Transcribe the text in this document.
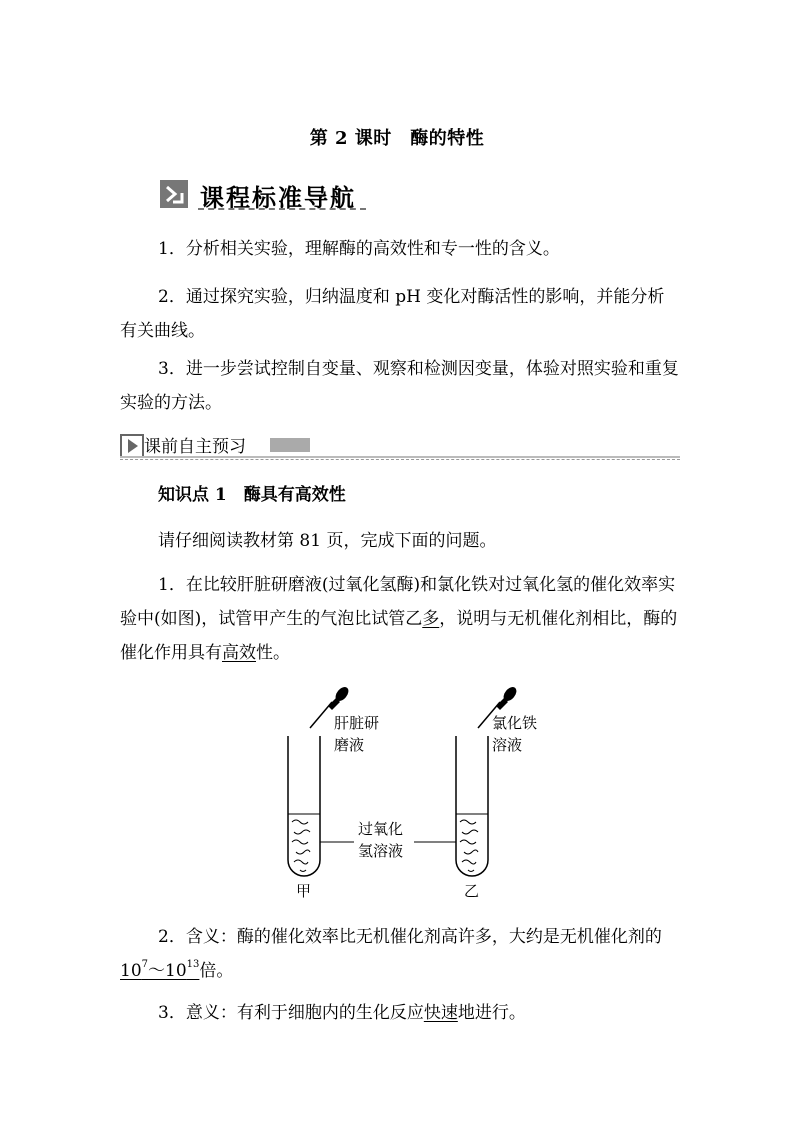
第 2 课时　酶的特性
课程标准导航
1．分析相关实验，理解酶的高效性和专一性的含义。
2．通过探究实验，归纳温度和 pH 变化对酶活性的影响，并能分析有关曲线。
3．进一步尝试控制自变量、观察和检测因变量，体验对照实验和重复实验的方法。
课前自主预习
知识点 1　酶具有高效性
请仔细阅读教材第 81 页，完成下面的问题。
1．在比较肝脏研磨液(过氧化氢酶)和氯化铁对过氧化氢的催化效率实验中(如图)，试管甲产生的气泡比试管乙多，说明与无机催化剂相比，酶的催化作用具有高效性。
肝脏研
磨液
氯化铁
溶液
过氧化
氢溶液
甲	乙
2．含义：酶的催化效率比无机催化剂高许多，大约是无机催化剂的 $10^7\sim 10^{13}$倍。
3．意义：有利于细胞内的生化反应快速地进行。
